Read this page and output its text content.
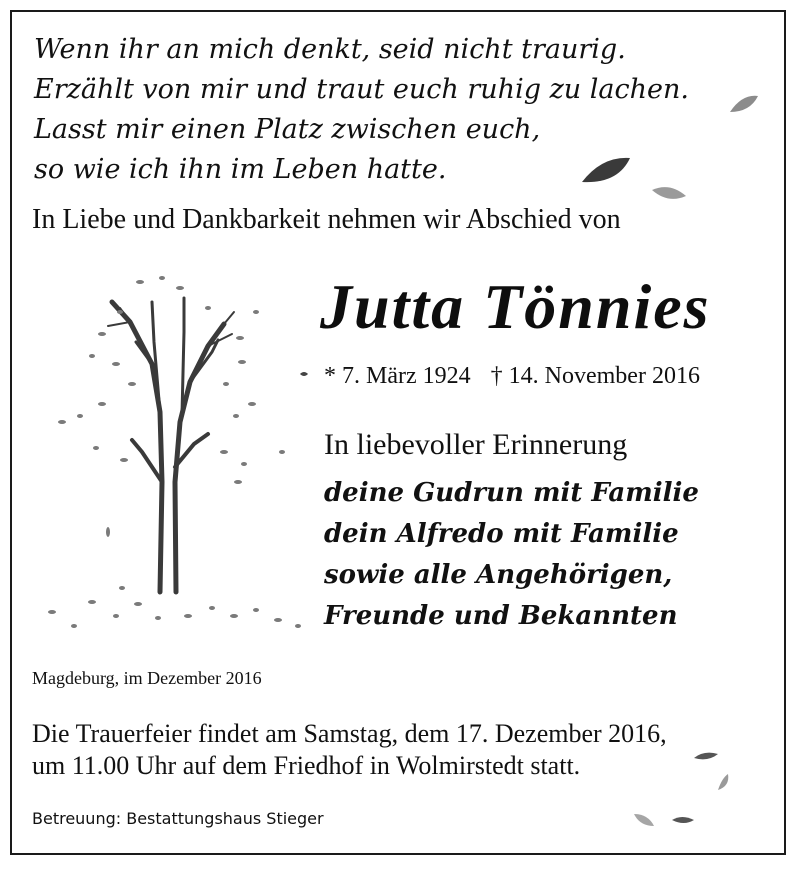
Wenn ihr an mich denkt, seid nicht traurig.
Erzählt von mir und traut euch ruhig zu lachen.
Lasst mir einen Platz zwischen euch,
so wie ich ihn im Leben hatte.
In Liebe und Dankbarkeit nehmen wir Abschied von
Jutta Tönnies
* 7. März 1924 † 14. November 2016
In liebevoller Erinnerung
deine Gudrun mit Familie
dein Alfredo mit Familie
sowie alle Angehörigen,
Freunde und Bekannten
Magdeburg, im Dezember 2016
Die Trauerfeier findet am Samstag, dem 17. Dezember 2016,
um 11.00 Uhr auf dem Friedhof in Wolmirstedt statt.
Betreuung: Bestattungshaus Stieger
